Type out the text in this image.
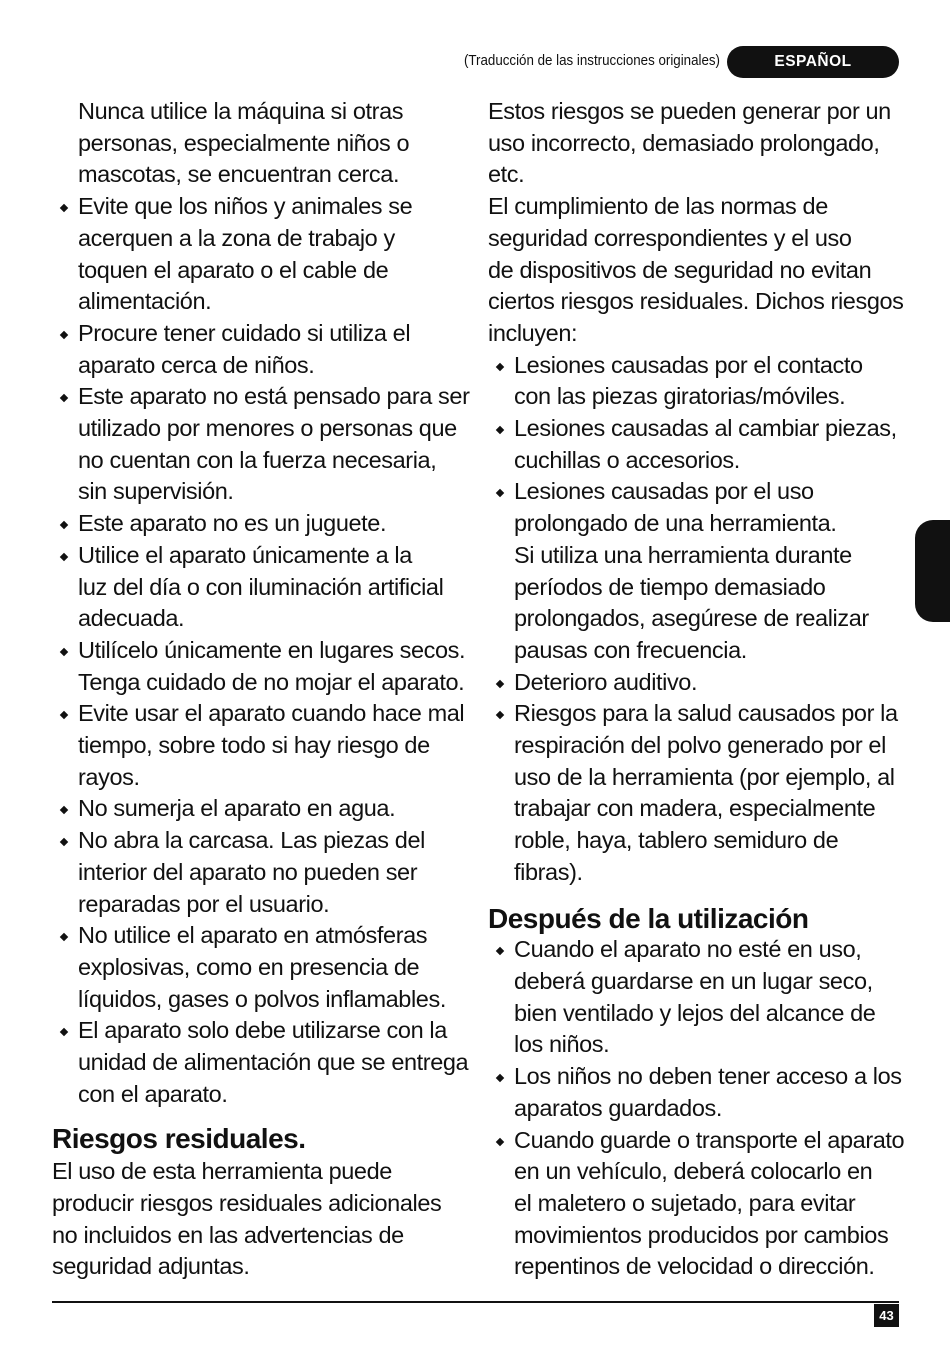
(Traducción de las instrucciones originales)	ESPAÑOL
Nunca utilice la máquina si otras
personas, especialmente niños o
mascotas, se encuentran cerca.
Evite que los niños y animales se
acerquen a la zona de trabajo y
toquen el aparato o el cable de
alimentación.
Procure tener cuidado si utiliza el
aparato cerca de niños.
Este aparato no está pensado para ser
utilizado por menores o personas que
no cuentan con la fuerza necesaria,
sin supervisión.
Este aparato no es un juguete.
Utilice el aparato únicamente a la
luz del día o con iluminación artificial
adecuada.
Utilícelo únicamente en lugares secos.
Tenga cuidado de no mojar el aparato.
Evite usar el aparato cuando hace mal
tiempo, sobre todo si hay riesgo de
rayos.
No sumerja el aparato en agua.
No abra la carcasa. Las piezas del
interior del aparato no pueden ser
reparadas por el usuario.
No utilice el aparato en atmósferas
explosivas, como en presencia de
líquidos, gases o polvos inflamables.
El aparato solo debe utilizarse con la
unidad de alimentación que se entrega
con el aparato.
Riesgos residuales.
El uso de esta herramienta puede
producir riesgos residuales adicionales
no incluidos en las advertencias de
seguridad adjuntas.
Estos riesgos se pueden generar por un
uso incorrecto, demasiado prolongado,
etc.
El cumplimiento de las normas de
seguridad correspondientes y el uso
de dispositivos de seguridad no evitan
ciertos riesgos residuales. Dichos riesgos
incluyen:
Lesiones causadas por el contacto
con las piezas giratorias/móviles.
Lesiones causadas al cambiar piezas,
cuchillas o accesorios.
Lesiones causadas por el uso
prolongado de una herramienta.
Si utiliza una herramienta durante
períodos de tiempo demasiado
prolongados, asegúrese de realizar
pausas con frecuencia.
Deterioro auditivo.
Riesgos para la salud causados por la
respiración del polvo generado por el
uso de la herramienta (por ejemplo, al
trabajar con madera, especialmente
roble, haya, tablero semiduro de
fibras).
Después de la utilización
Cuando el aparato no esté en uso,
deberá guardarse en un lugar seco,
bien ventilado y lejos del alcance de
los niños.
Los niños no deben tener acceso a los
aparatos guardados.
Cuando guarde o transporte el aparato
en un vehículo, deberá colocarlo en
el maletero o sujetado, para evitar
movimientos producidos por cambios
repentinos de velocidad o dirección.
43
